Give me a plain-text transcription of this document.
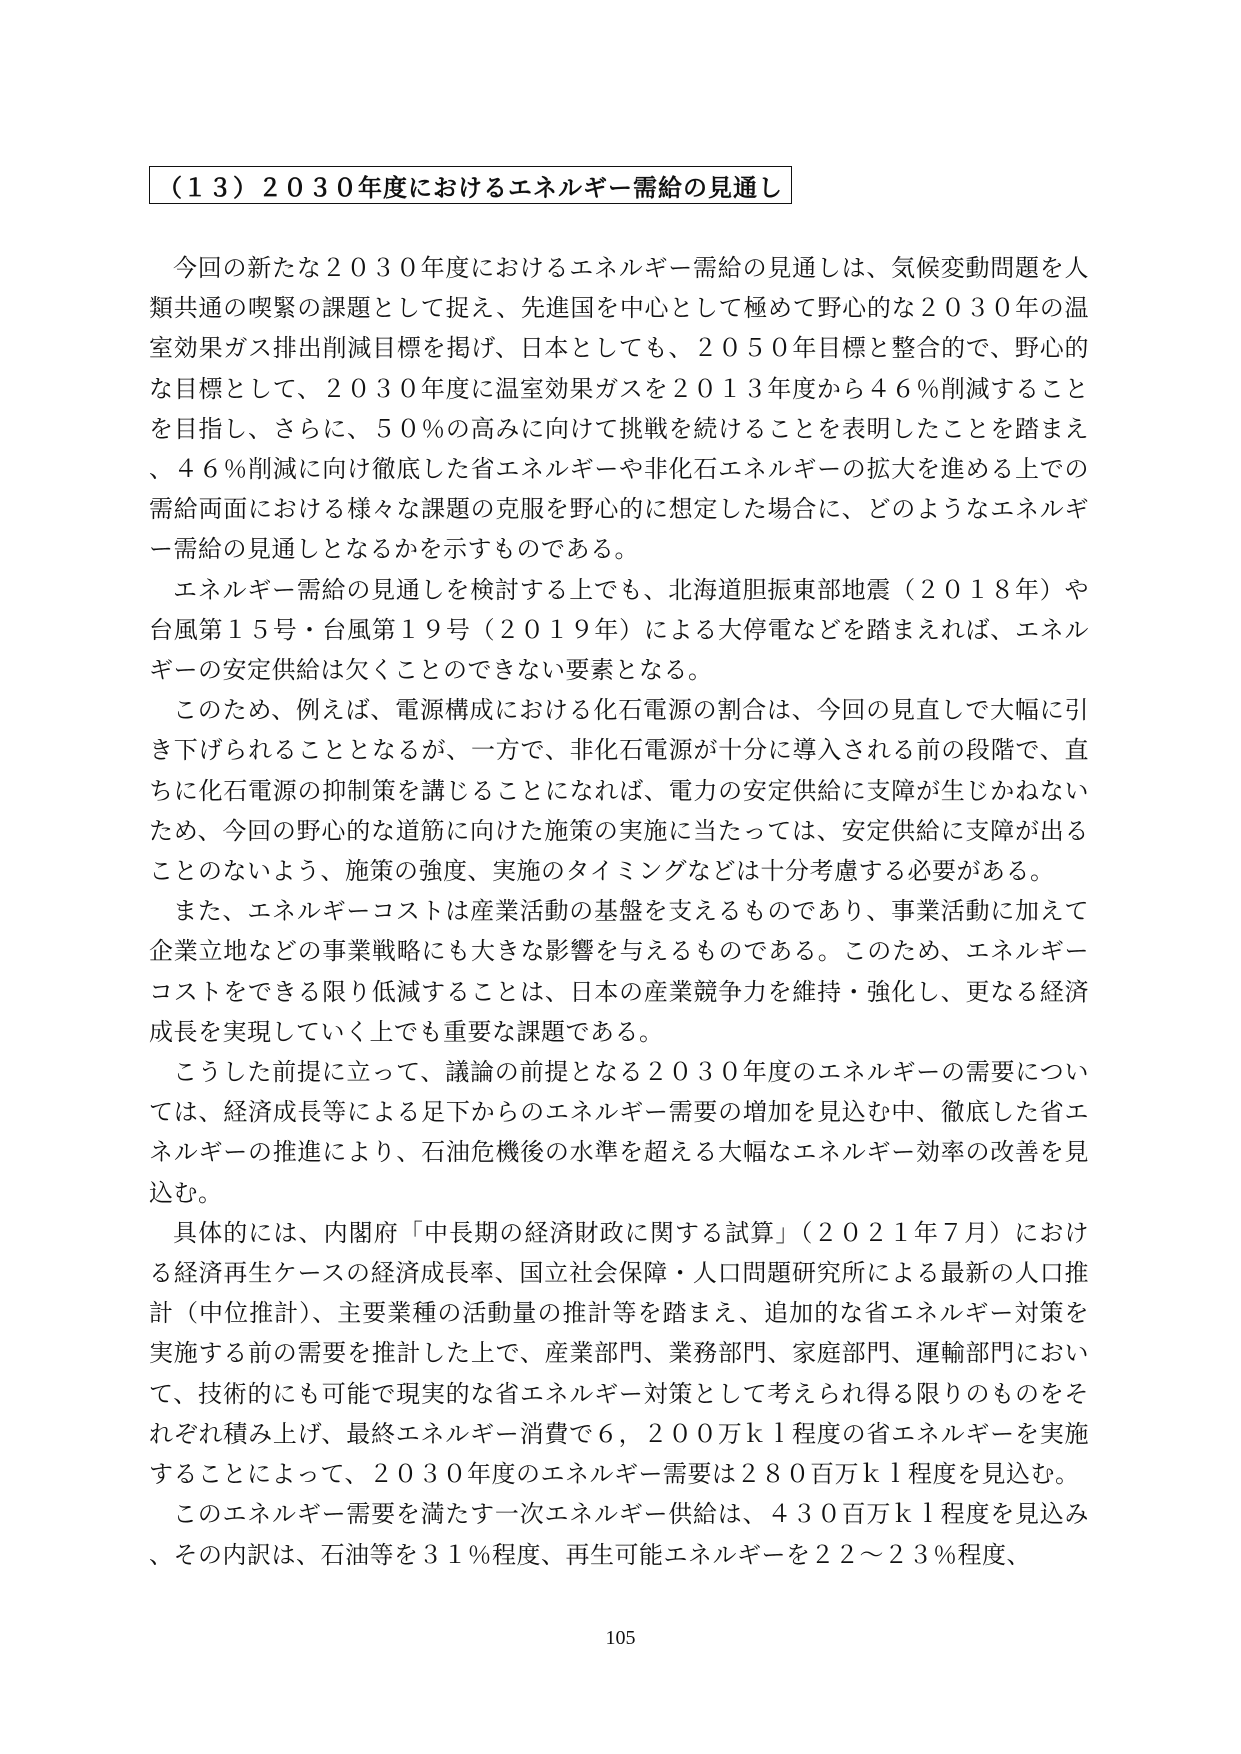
（１３）２０３０年度におけるエネルギー需給の見通し

今回の新たな２０３０年度におけるエネルギー需給の見通しは、気候変動問題を人類共通の喫緊の課題として捉え、先進国を中心として極めて野心的な２０３０年の温室効果ガス排出削減目標を掲げ、日本としても、２０５０年目標と整合的で、野心的な目標として、２０３０年度に温室効果ガスを２０１３年度から４６％削減することを目指し、さらに、５０％の高みに向けて挑戦を続けることを表明したことを踏まえ、４６％削減に向け徹底した省エネルギーや非化石エネルギーの拡大を進める上での需給両面における様々な課題の克服を野心的に想定した場合に、どのようなエネルギー需給の見通しとなるかを示すものである。

エネルギー需給の見通しを検討する上でも、北海道胆振東部地震（２０１８年）や台風第１５号・台風第１９号（２０１９年）による大停電などを踏まえれば、エネルギーの安定供給は欠くことのできない要素となる。

このため、例えば、電源構成における化石電源の割合は、今回の見直しで大幅に引き下げられることとなるが、一方で、非化石電源が十分に導入される前の段階で、直ちに化石電源の抑制策を講じることになれば、電力の安定供給に支障が生じかねないため、今回の野心的な道筋に向けた施策の実施に当たっては、安定供給に支障が出ることのないよう、施策の強度、実施のタイミングなどは十分考慮する必要がある。

また、エネルギーコストは産業活動の基盤を支えるものであり、事業活動に加えて企業立地などの事業戦略にも大きな影響を与えるものである。このため、エネルギーコストをできる限り低減することは、日本の産業競争力を維持・強化し、更なる経済成長を実現していく上でも重要な課題である。

こうした前提に立って、議論の前提となる２０３０年度のエネルギーの需要については、経済成長等による足下からのエネルギー需要の増加を見込む中、徹底した省エネルギーの推進により、石油危機後の水準を超える大幅なエネルギー効率の改善を見込む。

具体的には、内閣府「中長期の経済財政に関する試算」（２０２１年７月）における経済再生ケースの経済成長率、国立社会保障・人口問題研究所による最新の人口推計（中位推計）、主要業種の活動量の推計等を踏まえ、追加的な省エネルギー対策を実施する前の需要を推計した上で、産業部門、業務部門、家庭部門、運輸部門において、技術的にも可能で現実的な省エネルギー対策として考えられ得る限りのものをそれぞれ積み上げ、最終エネルギー消費で６，２００万ｋｌ程度の省エネルギーを実施することによって、２０３０年度のエネルギー需要は２８０百万ｋｌ程度を見込む。

このエネルギー需要を満たす一次エネルギー供給は、４３０百万ｋｌ程度を見込み、その内訳は、石油等を３１％程度、再生可能エネルギーを２２～２３％程度、

105
